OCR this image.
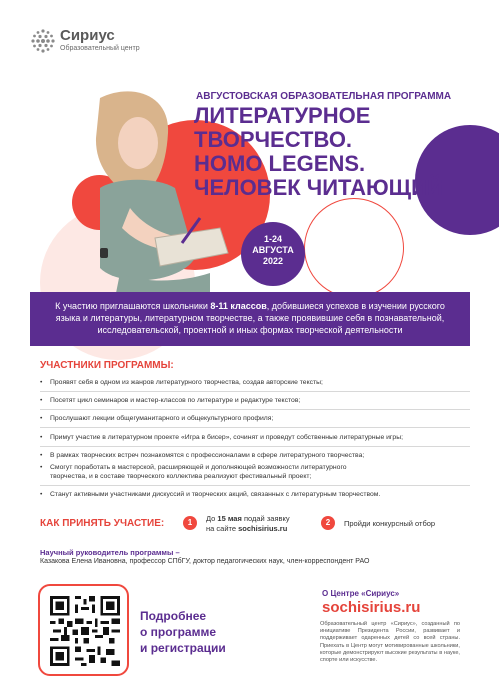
Сириус
Образовательный центр
АВГУСТОВСКАЯ ОБРАЗОВАТЕЛЬНАЯ ПРОГРАММА
ЛИТЕРАТУРНОЕ
ТВОРЧЕСТВО.
HOMO LEGENS.
ЧЕЛОВЕК ЧИТАЮЩИЙ
1-24
АВГУСТА
2022
К участию приглашаются школьники 8-11 классов, добившиеся успехов в изучении русского языка и литературы, литературном творчестве, а также проявившие себя в познавательной, исследовательской, проектной и иных формах творческой деятельности
УЧАСТНИКИ ПРОГРАММЫ:
• Проявят себя в одном из жанров литературного творчества, создав авторские тексты;
• Посетят цикл семинаров и мастер-классов по литературе и редактуре текстов;
• Прослушают лекции общегуманитарного и общекультурного профиля;
• Примут участие в литературном проекте «Игра в бисер», сочинят и проведут собственные литературные игры;
• В рамках творческих встреч познакомятся с профессионалами в сфере литературного творчества;
• Смогут поработать в мастерской, расширяющей и дополняющей возможности литературного творчества, и в составе творческого коллектива реализуют фестивальный проект;
• Станут активными участниками дискуссий и творческих акций, связанных с литературным творчеством.
КАК ПРИНЯТЬ УЧАСТИЕ:	1	До 15 мая подай заявку
на сайте sochisirius.ru
2	Пройди конкурсный отбор
Научный руководитель программы –
Казакова Елена Ивановна, профессор СПбГУ, доктор педагогических наук, член-корреспондент РАО
Подробнее
о программе
и регистрации
О Центре «Сириус»
sochisirius.ru
Образовательный центр «Сириус», созданный по инициативе Президента России, развивает и поддерживает одаренных детей со всей страны. Приехать в Центр могут мотивированные школьники, которые демонстрируют высокие результаты в науке, спорте или искусстве.
